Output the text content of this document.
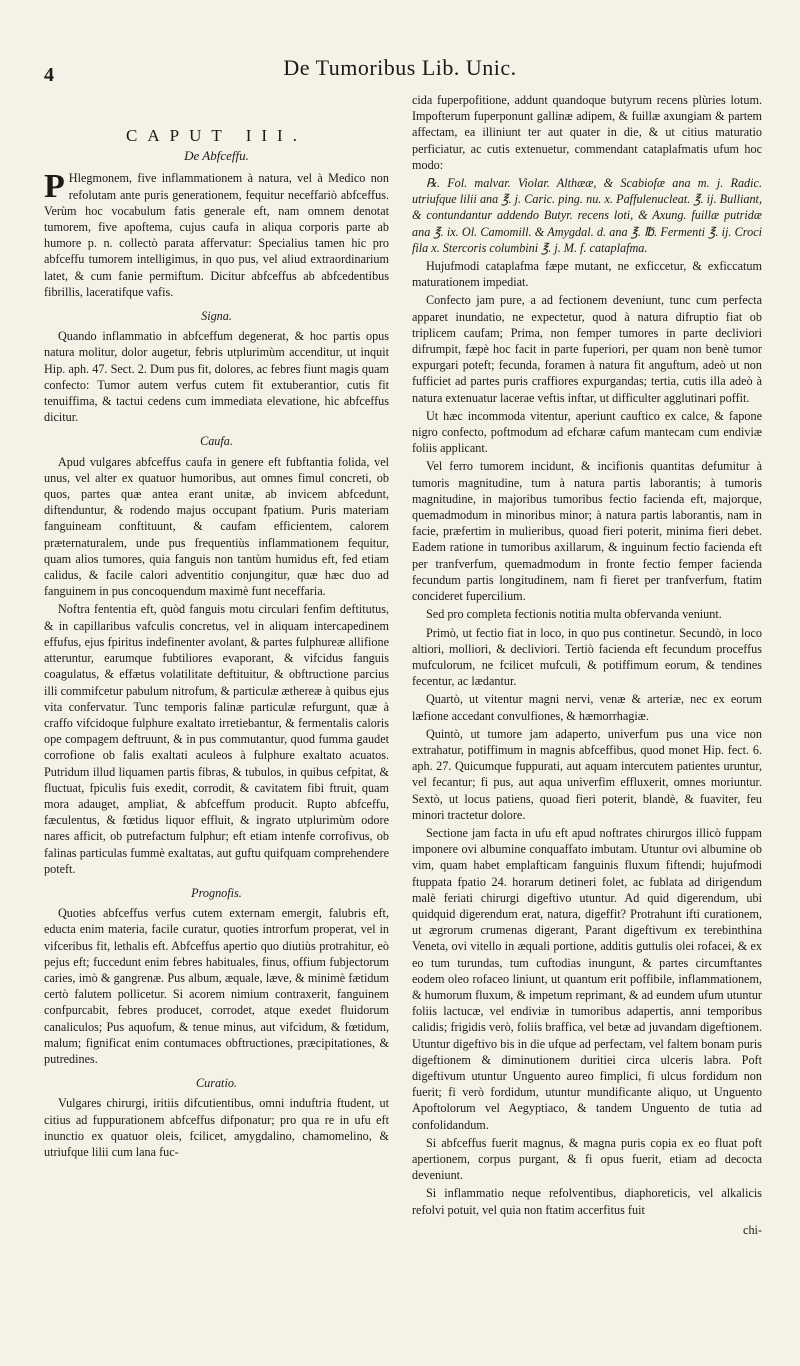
4	De Tumoribus Lib. Unic.
CAPUT III.
De Abfceffu.

PHlegmonem, five inflammationem à natura, vel à Medico non refolutam ante puris generationem, fequitur neceffariò abfceffus. Verùm hoc vocabulum fatis generale eft, nam omnem denotat tumorem, five apoftema, cujus caufa in aliqua corporis parte ab humore p. n. collectò parata affervatur: Specialius tamen hic pro abfceffu tumorem intelligimus, in quo pus, vel aliud extraordinarium latet, & cum fanie permiftum. Dicitur abfceffus ab abfcedentibus fibrillis, laceratifque vafis.

Signa.

Quando inflammatio in abfceffum degenerat, & hoc partis opus natura molitur, dolor augetur, febris utplurimùm accenditur, ut inquit Hip. aph. 47. Sect. 2. Dum pus fit, dolores, ac febres fiunt magis quam confecto: Tumor autem verfus cutem fit extuberantior, cutis fit tenuiffima, & tactui cedens cum immediata elevatione, hic abfceffus dicitur.

Caufa.

Apud vulgares abfceffus caufa in genere eft fubftantia folida, vel unus, vel alter ex quatuor humoribus, aut omnes fimul concreti, ob quos, partes quæ antea erant unitæ, ab invicem abfcedunt, diftenduntur, & rodendo majus occupant fpatium. Puris materiam fanguineam conftituunt, & caufam efficientem, calorem præternaturalem, unde pus frequentiùs inflammationem fequitur, quam alios tumores, quia fanguis non tantùm humidus eft, fed etiam calidus, & facile calori adventitio conjungitur, quæ hæc duo ad fanguinem in pus concoquendum maximè funt neceffaria.

Noftra fententia eft, quòd fanguis motu circulari fenfim deftitutus, & in capillaribus vafculis concretus, vel in aliquam intercapedinem effufus, ejus fpiritus indefinenter avolant, & partes fulphureæ allifione atteruntur, earumque fubtiliores evaporant, & vifcidus fanguis coagulatus, & effætus volatilitate deftituitur, & obftructione parcius illi commifcetur pabulum nitrofum, & particulæ æthereæ à quibus ejus vita confervatur. Tunc temporis falinæ particulæ refurgunt, quæ à craffo vifcidoque fulphure exaltato irretiebantur, & fermentalis caloris ope compagem deftruunt, & in pus commutantur, quod fumma gaudet corrofione ob falis exaltati aculeos à fulphure exaltato acuatos. Putridum illud liquamen partis fibras, & tubulos, in quibus cefpitat, & fluctuat, fpiculis fuis exedit, corrodit, & cavitatem fibi ftruit, quam mora adauget, ampliat, & abfceffum producit. Rupto abfceffu, fæculentus, & fœtidus liquor effluit, & ingrato utplurimùm odore nares afficit, ob putrefactum fulphur; eft etiam intenfe corrofivus, ob falinas particulas fummè exaltatas, aut guftu quifquam comprehendere poteft.

Prognofis.

Quoties abfceffus verfus cutem externam emergit, falubris eft, educta enim materia, facile curatur, quoties introrfum properat, vel in vifceribus fit, lethalis eft. Abfceffus apertio quo diutiùs protrahitur, eò pejus eft; fuccedunt enim febres habituales, finus, offium fubjectorum caries, imò & gangrenæ. Pus album, æquale, læve, & minimè fætidum certò falutem pollicetur. Si acorem nimium contraxerit, fanguinem confpurcabit, febres producet, corrodet, atque exedet fluidorum canaliculos; Pus aquofum, & tenue minus, aut vifcidum, & fœtidum, malum; fignificat enim contumaces obftructiones, præcipitationes, & putredines.

Curatio.

Vulgares chirurgi, iritiis difcutientibus, omni induftria ftudent, ut citius ad fuppurationem abfceffus difponatur; pro qua re in ufu eft inunctio ex quatuor oleis, fcilicet, amygdalino, chamomelino, & utriufque lilii cum lana fuc-

cida fuperpofitione, addunt quandoque butyrum recens plùries lotum. Impofterum fuperponunt gallinæ adipem, & fuillæ axungiam & partem affectam, ea illiniunt ter aut quater in die, & ut citius maturatio perficiatur, ac cutis extenuetur, commendant cataplafmatis ufum hoc modo:

℞. Fol. malvar. Violar. Althææ, & Scabiofæ ana m. j. Radic. utriufque lilii ana ℥. j. Caric. ping. nu. x. Paffulenucleat. ℥. ij. Bulliant, & contundantur addendo Butyr. recens loti, & Axung. fuillæ putridæ ana ℥. ix. Ol. Camomill. & Amygdal. d. ana ℥. ℔. Fermenti ℥. ij. Croci fila x. Stercoris columbini ℥. j. M. f. cataplafma.

Hujufmodi cataplafma fæpe mutant, ne exficcetur, & exficcatum maturationem impediat.

Confecto jam pure, a ad fectionem deveniunt, tunc cum perfecta apparet inundatio, ne expectetur, quod à natura difruptio fiat ob triplicem caufam; Prima, non femper tumores in parte decliviori difrumpit, fæpè hoc facit in parte fuperiori, per quam non benè tumor expurgari poteft; fecunda, foramen à natura fit anguftum, adeò ut non fufficiet ad partes puris craffiores expurgandas; tertia, cutis illa adeò à natura extenuatur lacerae veftis inftar, ut difficulter agglutinari poffit.

Ut hæc incommoda vitentur, aperiunt cauftico ex calce, & fapone nigro confecto, poftmodum ad efcharæ cafum mantecam cum endiviæ foliis applicant.

Vel ferro tumorem incidunt, & incifionis quantitas defumitur à tumoris magnitudine, tum à natura partis laborantis; à tumoris magnitudine, in majoribus tumoribus fectio facienda eft, majorque, quemadmodum in minoribus minor; à natura partis laborantis, nam in facie, præfertim in mulieribus, quoad fieri poterit, minima fieri debet. Eadem ratione in tumoribus axillarum, & inguinum fectio facienda eft per tranfverfum, quemadmodum in fronte fectio femper facienda fecundum partis longitudinem, nam fi fieret per tranfverfum, ftatim concideret fupercilium.

Sed pro completa fectionis notitia multa obfervanda veniunt.

Primò, ut fectio fiat in loco, in quo pus continetur. Secundò, in loco altiori, molliori, & decliviori. Tertiò facienda eft fecundum proceffus mufculorum, ne fcilicet mufculi, & potiffimum eorum, & tendines fecentur, ac lædantur.

Quartò, ut vitentur magni nervi, venæ & arteriæ, nec ex eorum læfione accedant convulfiones, & hæmorrhagiæ.

Quintò, ut tumore jam adaperto, univerfum pus una vice non extrahatur, potiffimum in magnis abfceffibus, quod monet Hip. fect. 6. aph. 27. Quicumque fuppurati, aut aquam intercutem patientes uruntur, vel fecantur; fi pus, aut aqua univerfim effluxerit, omnes moriuntur. Sextò, ut locus patiens, quoad fieri poterit, blandè, & fuaviter, feu minori tractetur dolore.

Sectione jam facta in ufu eft apud noftrates chirurgos illicò fuppam imponere ovi albumine conquaffato imbutam. Utuntur ovi albumine ob vim, quam habet emplafticam fanguinis fluxum fiftendi; hujufmodi ftuppata fpatio 24. horarum detineri folet, ac fublata ad dirigendum malè feriati chirurgi digeftivo utuntur. Ad quid digerendum, ubi quidquid digerendum erat, natura, digeffit? Protrahunt ifti curationem, ut ægrorum crumenas digerant, Parant digeftivum ex terebinthina Veneta, ovi vitello in æquali portione, additis guttulis olei rofacei, & ex eo tum turundas, tum cuftodias inungunt, & partes circumftantes eodem oleo rofaceo liniunt, ut quantum erit poffibile, inflammationem, & humorum fluxum, & impetum reprimant, & ad eundem ufum utuntur foliis lactucæ, vel endiviæ in tumoribus adapertis, anni temporibus calidis; frigidis verò, foliis braffica, vel betæ ad juvandam digeftionem. Utuntur digeftivo bis in die ufque ad perfectam, vel faltem bonam puris digeftionem & diminutionem duritiei circa ulceris labra. Poft digeftivum utuntur Unguento aureo fimplici, fi ulcus fordidum non fuerit; fi verò fordidum, utuntur mundificante aliquo, ut Unguento Apoftolorum vel Aegyptiaco, & tandem Unguento de tutia ad confolidandum.

Si abfceffus fuerit magnus, & magna puris copia ex eo fluat poft apertionem, corpus purgant, & fi opus fuerit, etiam ad decocta deveniunt.

Si inflammatio neque refolventibus, diaphoreticis, vel alkalicis refolvi potuit, vel quia non ftatim accerfitus fuit

chi-
